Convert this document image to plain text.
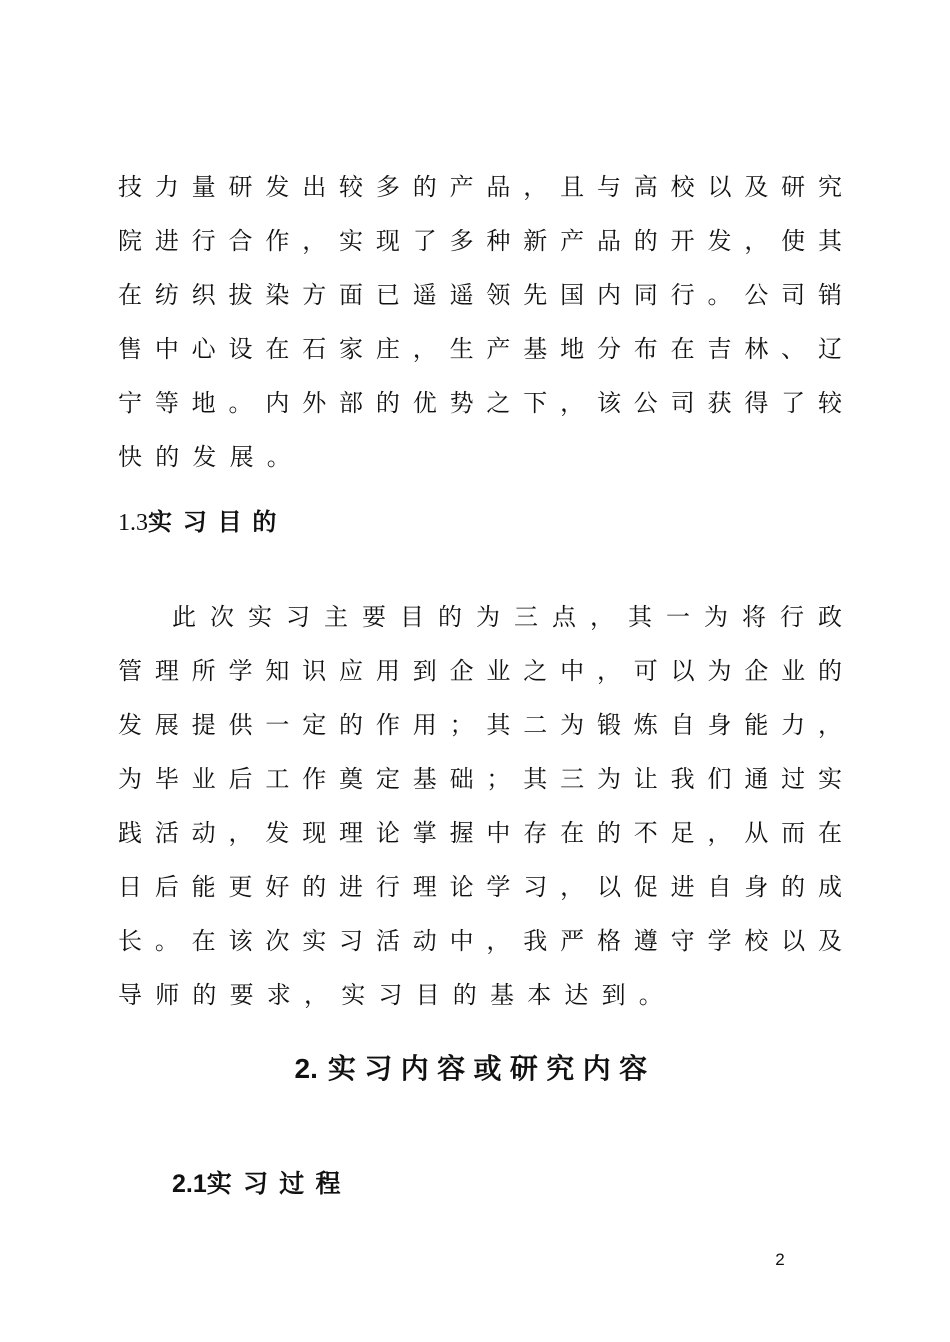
技力量研发出较多的产品，且与高校以及研究
院进行合作，实现了多种新产品的开发，使其
在纺织拔染方面已遥遥领先国内同行。公司销
售中心设在石家庄，生产基地分布在吉林、辽
宁等地。内外部的优势之下，该公司获得了较
快的发展。
1.3实习目的
此次实习主要目的为三点，其一为将行政
管理所学知识应用到企业之中，可以为企业的
发展提供一定的作用；其二为锻炼自身能力，
为毕业后工作奠定基础；其三为让我们通过实
践活动，发现理论掌握中存在的不足，从而在
日后能更好的进行理论学习，以促进自身的成
长。在该次实习活动中，我严格遵守学校以及
导师的要求，实习目的基本达到。
2. 实习内容或研究内容
2.1实习过程
2
